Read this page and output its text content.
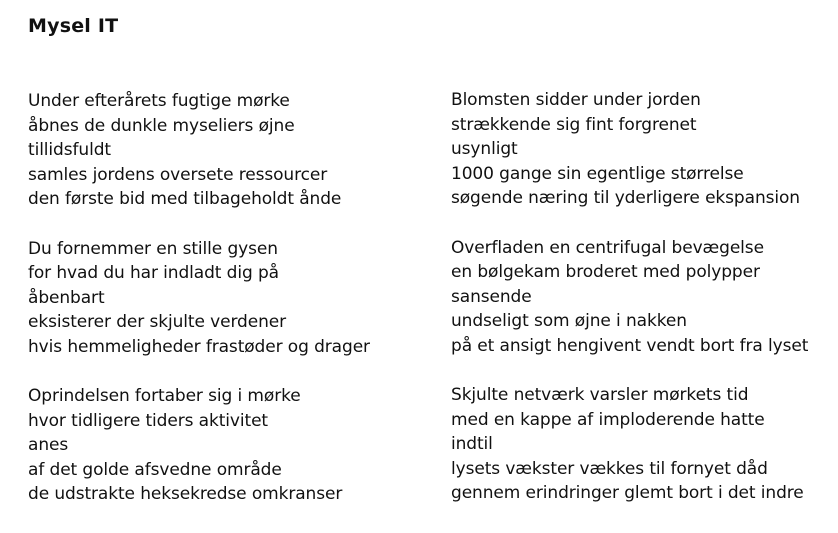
Mysel IT
Under efterårets fugtige mørke
åbnes de dunkle myseliers øjne
tillidsfuldt
samles jordens oversete ressourcer
den første bid med tilbageholdt ånde
Du fornemmer en stille gysen
for hvad du har indladt dig på
åbenbart
eksisterer der skjulte verdener
hvis hemmeligheder frastøder og drager
Oprindelsen fortaber sig i mørke
hvor tidligere tiders aktivitet
anes
af det golde afsvedne område
de udstrakte heksekredse omkranser
Blomsten sidder under jorden
strækkende sig fint forgrenet
usynligt
1000 gange sin egentlige størrelse
søgende næring til yderligere ekspansion
Overfladen en centrifugal bevægelse
en bølgekam broderet med polypper
sansende
undseligt som øjne i nakken
på et ansigt hengivent vendt bort fra lyset
Skjulte netværk varsler mørkets tid
med en kappe af imploderende hatte
indtil
lysets vækster vækkes til fornyet dåd
gennem erindringer glemt bort i det indre
